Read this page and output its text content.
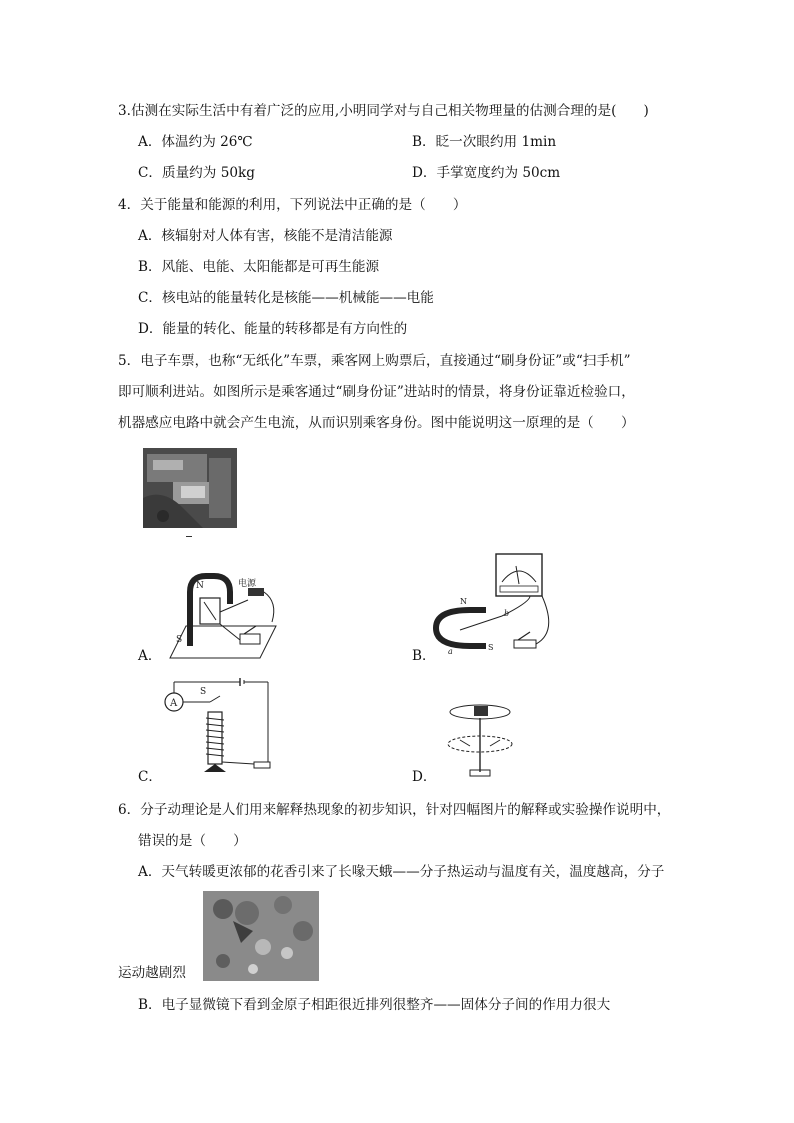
3.估测在实际生活中有着广泛的应用,小明同学对与自己相关物理量的估测合理的是(　　)
A．体温约为 26℃	B．眨一次眼约用 1min
C．质量约为 50kg	D．手掌宽度约为 50cm
4．关于能量和能源的利用，下列说法中正确的是（　　）
A．核辐射对人体有害，核能不是清洁能源
B．风能、电能、太阳能都是可再生能源
C．核电站的能量转化是核能——机械能——电能
D．能量的转化、能量的转移都是有方向性的
5．电子车票，也称“无纸化”车票，乘客网上购票后，直接通过“刷身份证”或“扫手机”
即可顺利进站。如图所示是乘客通过“刷身份证”进站时的情景，将身份证靠近检验口，
机器感应电路中就会产生电流，从而识别乘客身份。图中能说明这一原理的是（　　）
A．
电源
N
S
B．
N
S
b
a
C．
A
S
D．
6．分子动理论是人们用来解释热现象的初步知识，针对四幅图片的解释或实验操作说明中，
错误的是（　　）
A．天气转暖更浓郁的花香引来了长喙天蛾——分子热运动与温度有关，温度越高，分子
运动越剧烈
B．电子显微镜下看到金原子相距很近排列很整齐——固体分子间的作用力很大
